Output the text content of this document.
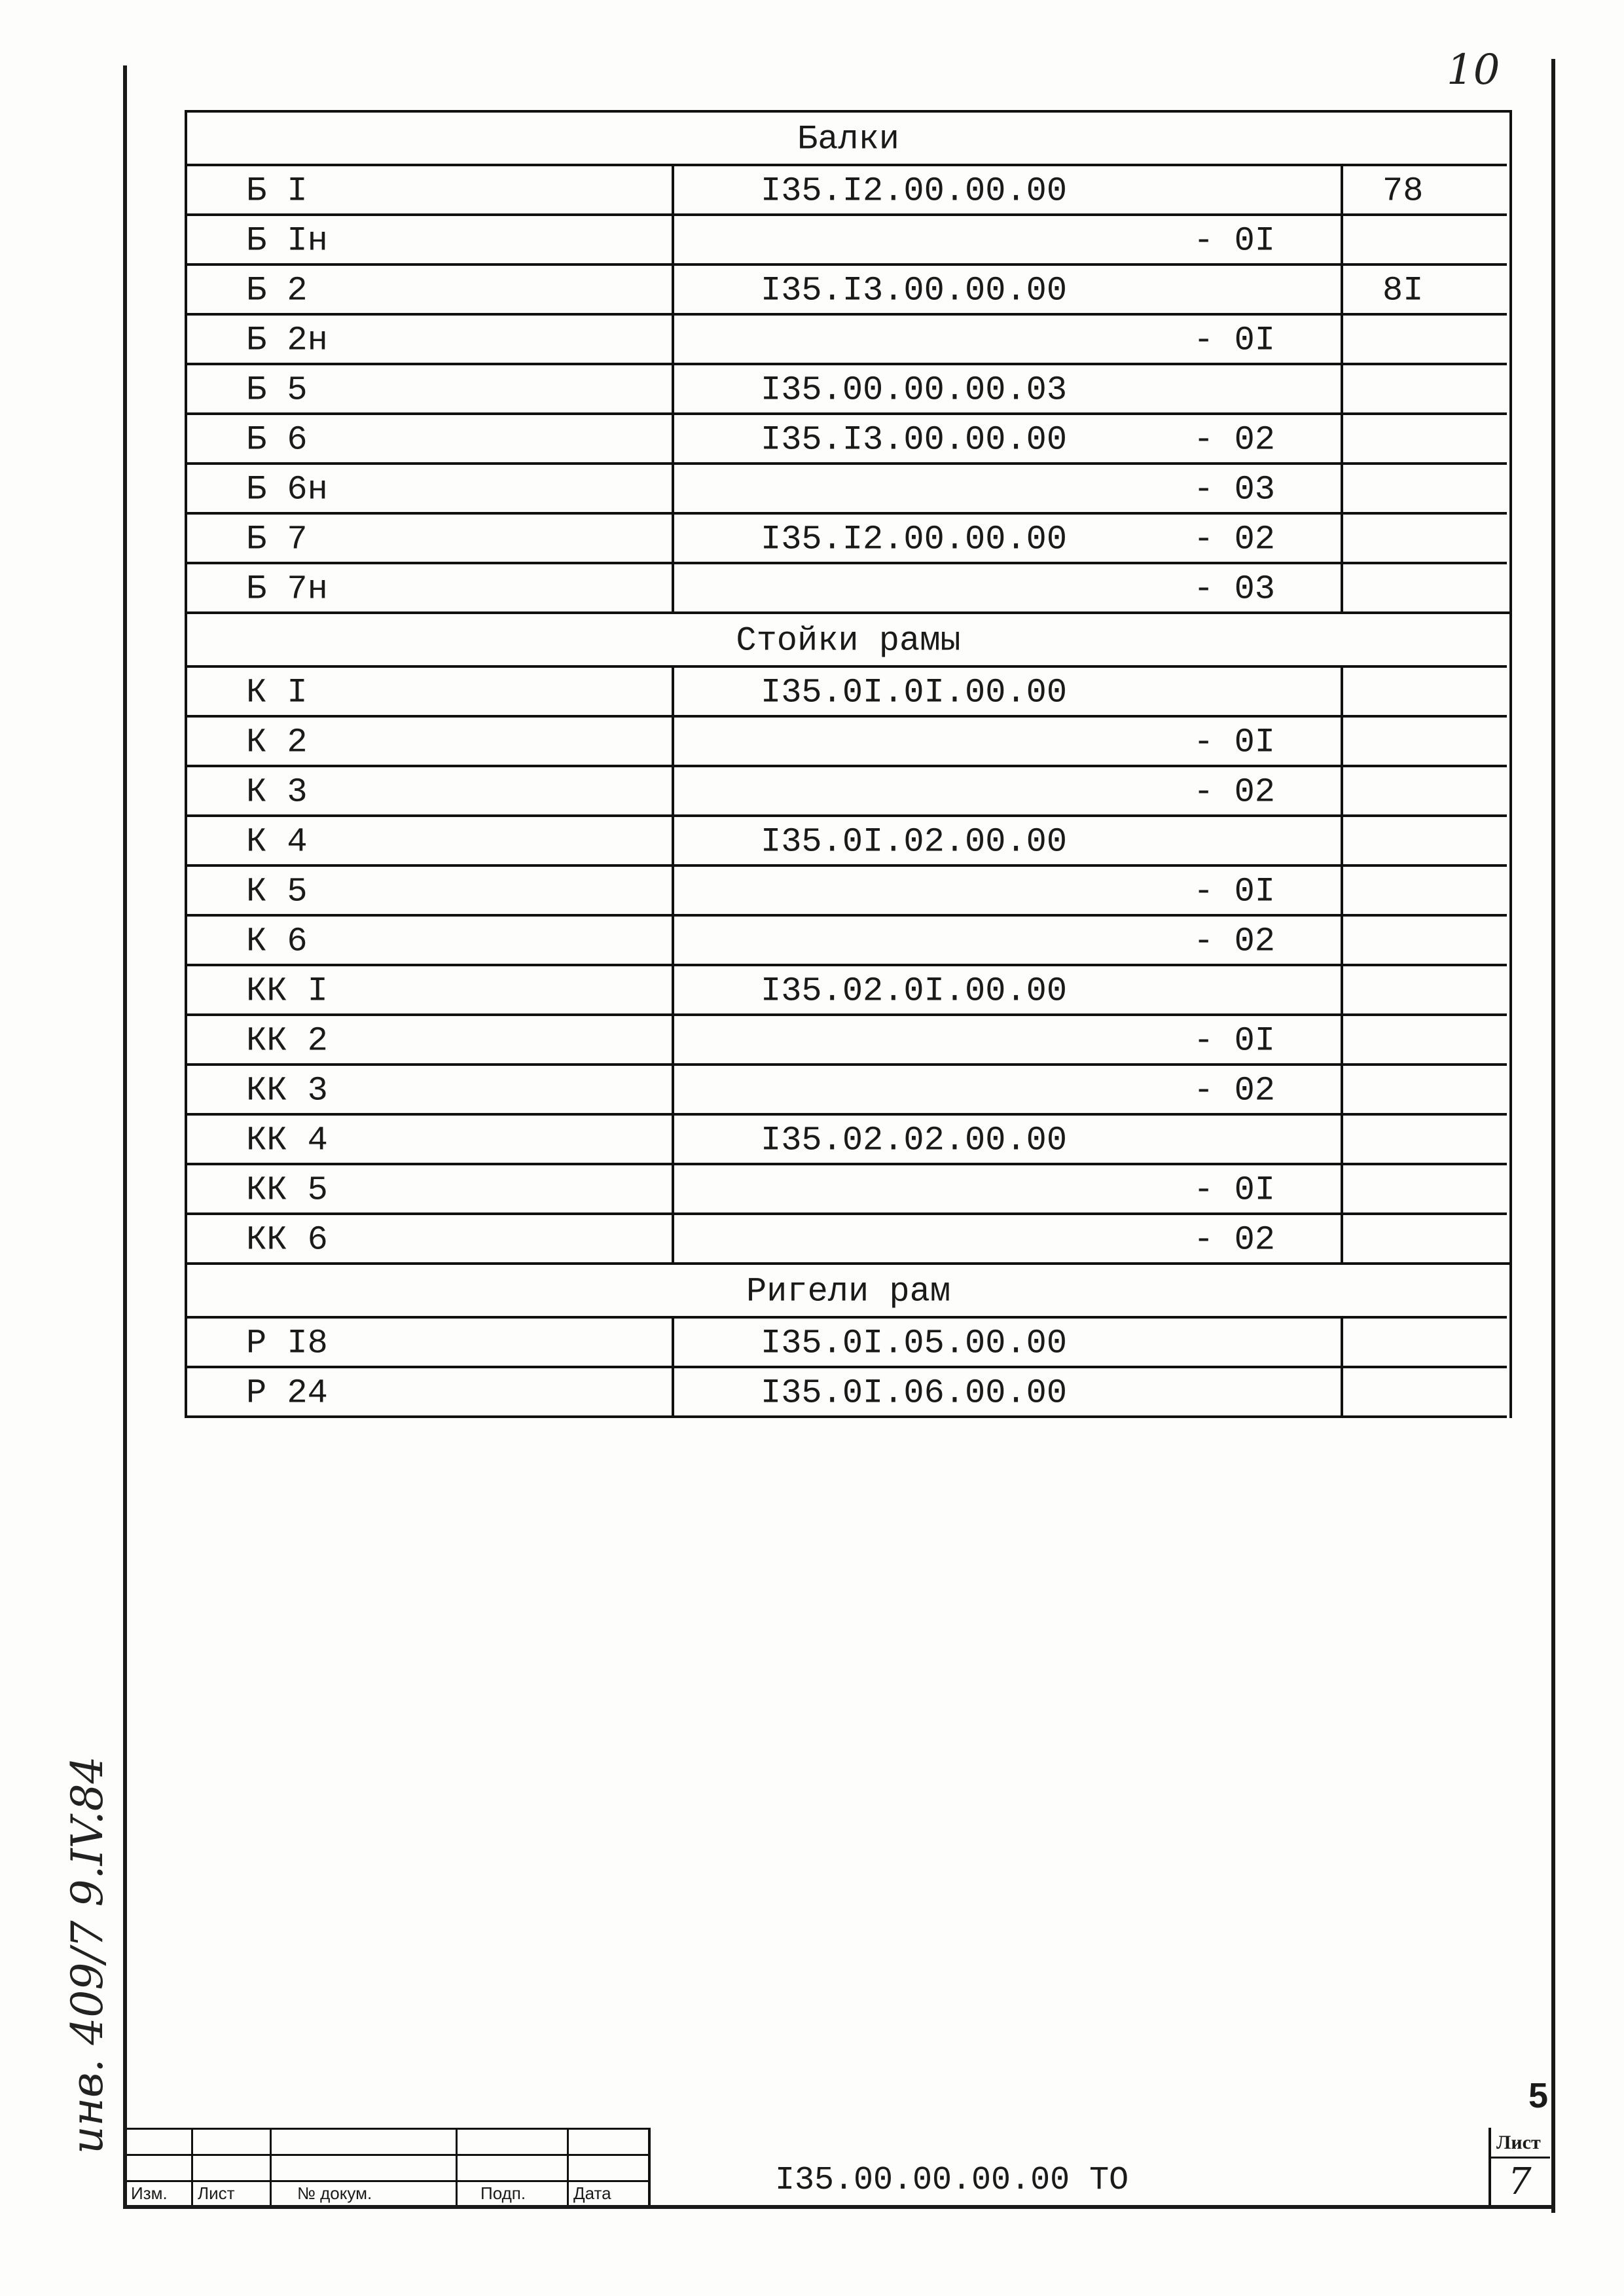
10
Балки
Б I	I35.I2.00.00.00	78
Б Iн	- 0I
Б 2	I35.I3.00.00.00	8I
Б 2н	- 0I
Б 5	I35.00.00.00.03
Б 6	I35.I3.00.00.00	- 02
Б 6н	- 03
Б 7	I35.I2.00.00.00	- 02
Б 7н	- 03
Стойки рамы
К I	I35.0I.0I.00.00
К 2	- 0I
К 3	- 02
К 4	I35.0I.02.00.00
К 5	- 0I
К 6	- 02
КК I	I35.02.0I.00.00
КК 2	- 0I
КК 3	- 02
КК 4	I35.02.02.00.00
КК 5	- 0I
КК 6	- 02
Ригели рам
Р I8	I35.0I.05.00.00
Р 24	I35.0I.06.00.00
инв. 409/7 9.IV.84	5
Изм. Лист	№ докум.	Подп.	Дата	I35.00.00.00.00 ТО
Лист
7
